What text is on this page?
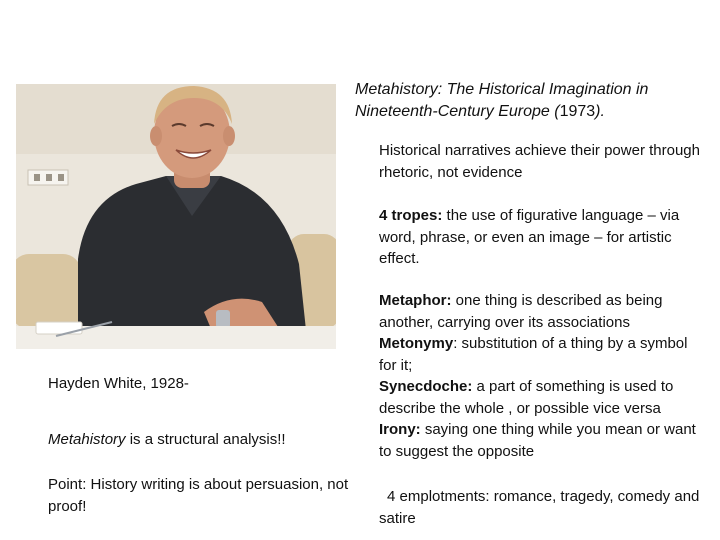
Metahistory: The Historical Imagination in Nineteenth-Century Europe (1973).
Hayden White, 1928-
Metahistory is a structural analysis!!
Point: History writing is about persuasion, not proof!
Historical narratives achieve their power through rhetoric, not evidence
4 tropes: the use of figurative language – via word, phrase, or even an image – for artistic effect.
Metaphor: one thing is described as being another, carrying over its associations
Metonymy: substitution of a thing by a symbol for it;
Synecdoche: a part of something is used to describe the whole , or possible vice versa
Irony: saying one thing while you mean or want to suggest the opposite
4 emplotments: romance, tragedy, comedy and satire
